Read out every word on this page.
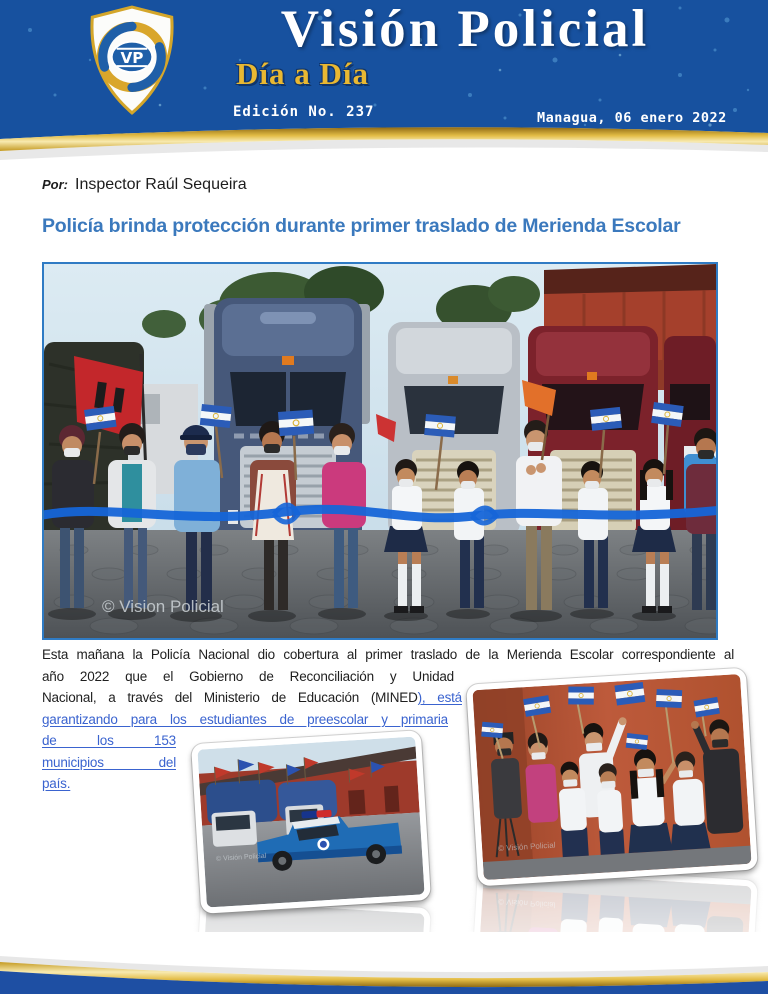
VP
Visión Policial
Día a Día
Edición No. 237	Managua, 06 enero 2022
Por: Inspector Raúl Sequeira
Policía brinda protección durante primer traslado de Merienda Escolar
© Vision Policial
Esta mañana la Policía Nacional dio cobertura al primer traslado de la Merienda Escolar correspondiente al
año 2022 que el Gobierno de Reconciliación y Unidad
Nacional, a través del Ministerio de Educación (MINED), está
garantizando para los estudiantes de preescolar y primaria
de los 153
municipios del
país.
